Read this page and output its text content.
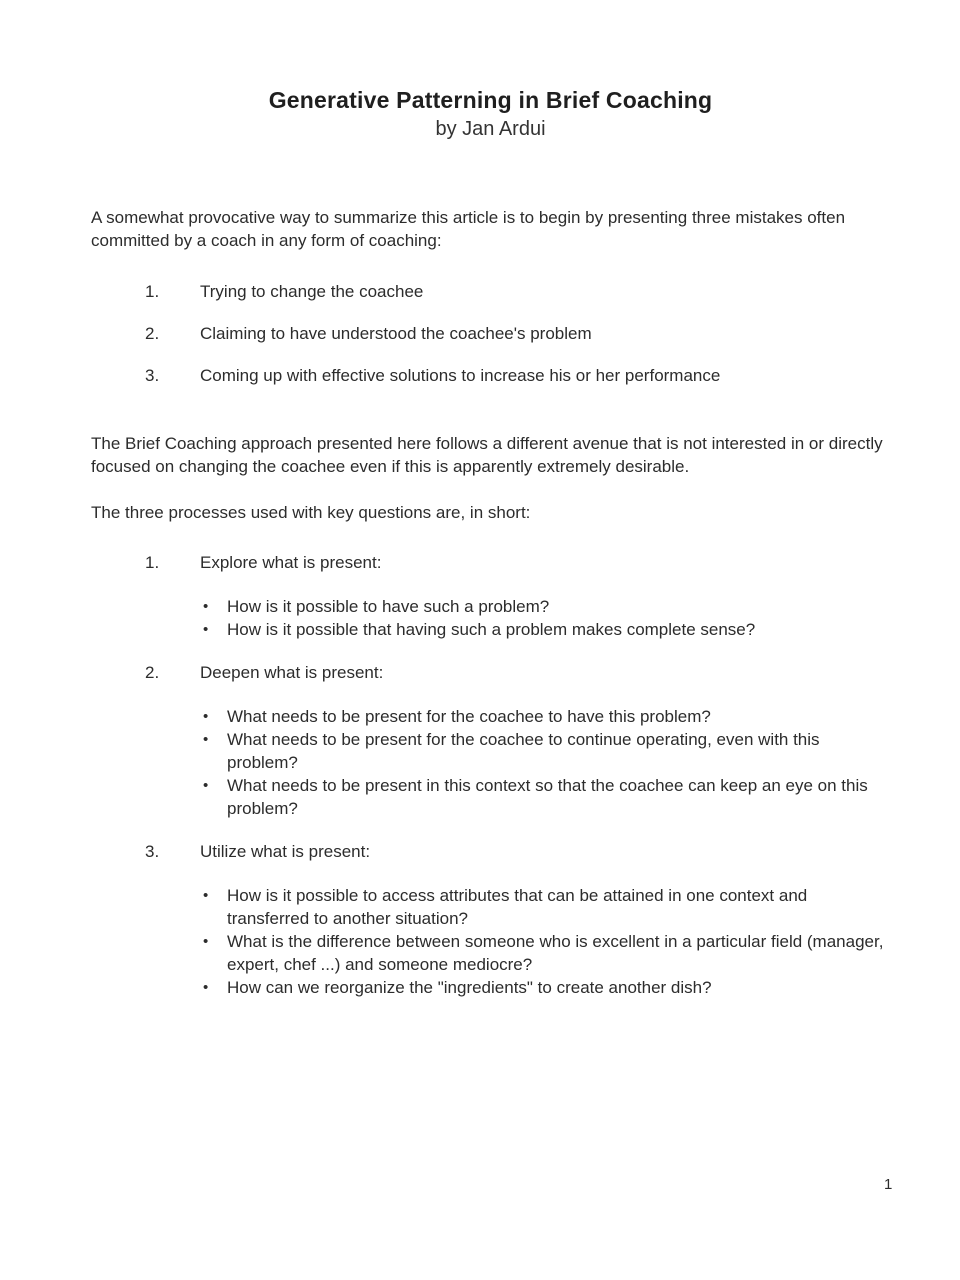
Generative Patterning in Brief Coaching
by Jan Ardui

A somewhat provocative way to summarize this article is to begin by presenting three mistakes often committed by a coach in any form of coaching:

1.	Trying to change the coachee
2.	Claiming to have understood the coachee's problem
3.	Coming up with effective solutions to increase his or her performance

The Brief Coaching approach presented here follows a different avenue that is not interested in or directly focused on changing the coachee even if this is apparently extremely desirable.

The three processes used with key questions are, in short:

1.	Explore what is present:
•	How is it possible to have such a problem?
•	How is it possible that having such a problem makes complete sense?
2.	Deepen what is present:
•	What needs to be present for the coachee to have this problem?
•	What needs to be present for the coachee to continue operating, even with this problem?
•	What needs to be present in this context so that the coachee can keep an eye on this problem?
3.	Utilize what is present:
•	How is it possible to access attributes that can be attained in one context and transferred to another situation?
•	What is the difference between someone who is excellent in a particular field (manager, expert, chef ...) and someone mediocre?
•	How can we reorganize the "ingredients" to create another dish?
1
